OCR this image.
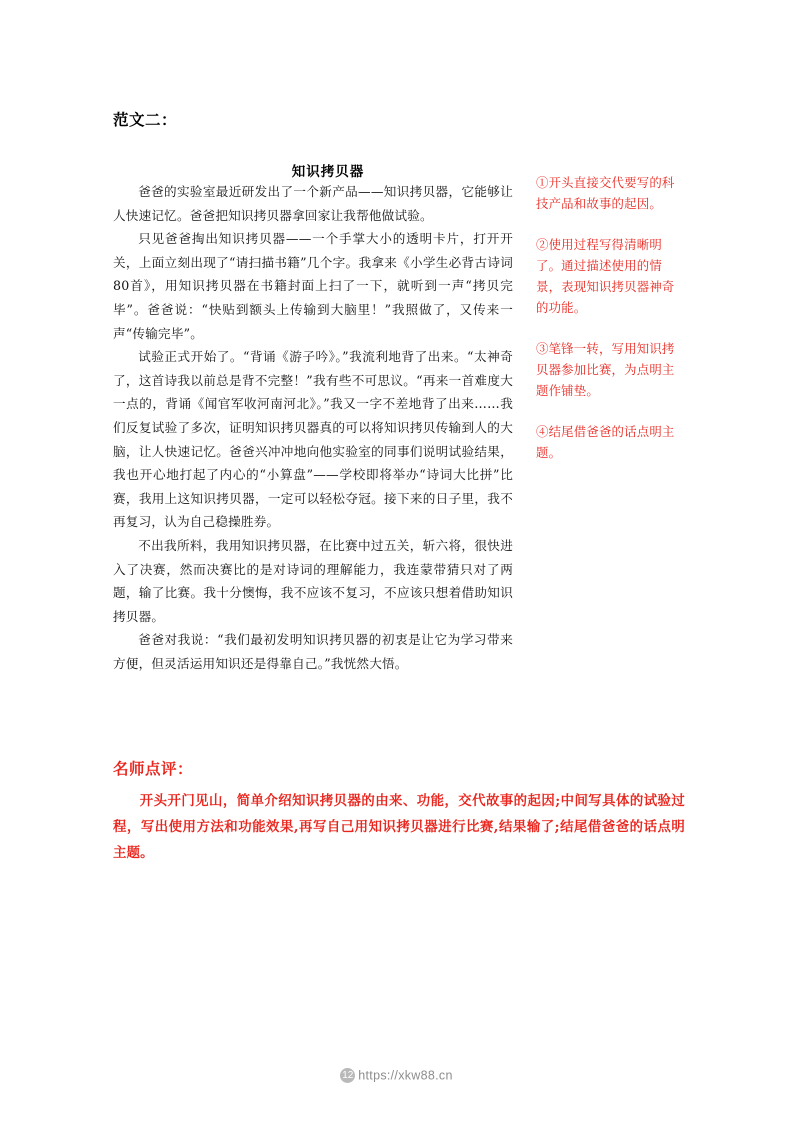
范文二：
知识拷贝器

爸爸的实验室最近研发出了一个新产品——知识拷贝器，它能够让人快速记忆。爸爸把知识拷贝器拿回家让我帮他做试验。

只见爸爸掏出知识拷贝器——一个手掌大小的透明卡片，打开开关，上面立刻出现了“请扫描书籍”几个字。我拿来《小学生必背古诗词80首》，用知识拷贝器在书籍封面上扫了一下，就听到一声“拷贝完毕”。爸爸说：“快贴到额头上传输到大脑里！”我照做了，又传来一声“传输完毕”。

试验正式开始了。“背诵《游子吟》。”我流利地背了出来。“太神奇了，这首诗我以前总是背不完整！”我有些不可思议。“再来一首难度大一点的，背诵《闻官军收河南河北》。”我又一字不差地背了出来……我们反复试验了多次，证明知识拷贝器真的可以将知识拷贝传输到人的大脑，让人快速记忆。爸爸兴冲冲地向他实验室的同事们说明试验结果，我也开心地打起了内心的“小算盘”——学校即将举办“诗词大比拼”比赛，我用上这知识拷贝器，一定可以轻松夺冠。接下来的日子里，我不再复习，认为自己稳操胜券。

不出我所料，我用知识拷贝器，在比赛中过五关，斩六将，很快进入了决赛，然而决赛比的是对诗词的理解能力，我连蒙带猜只对了两题，输了比赛。我十分懊悔，我不应该不复习，不应该只想着借助知识拷贝器。

爸爸对我说：“我们最初发明知识拷贝器的初衷是让它为学习带来方便，但灵活运用知识还是得靠自己。”我恍然大悟。

①开头直接交代要写的科技产品和故事的起因。
②使用过程写得清晰明了。通过描述使用的情景，表现知识拷贝器神奇的功能。
③笔锋一转，写用知识拷贝器参加比赛，为点明主题作铺垫。
④结尾借爸爸的话点明主题。
名师点评：

开头开门见山，简单介绍知识拷贝器的由来、功能，交代故事的起因;中间写具体的试验过程，写出使用方法和功能效果,再写自己用知识拷贝器进行比赛,结果输了;结尾借爸爸的话点明主题。

12 https://xkw88.cn
